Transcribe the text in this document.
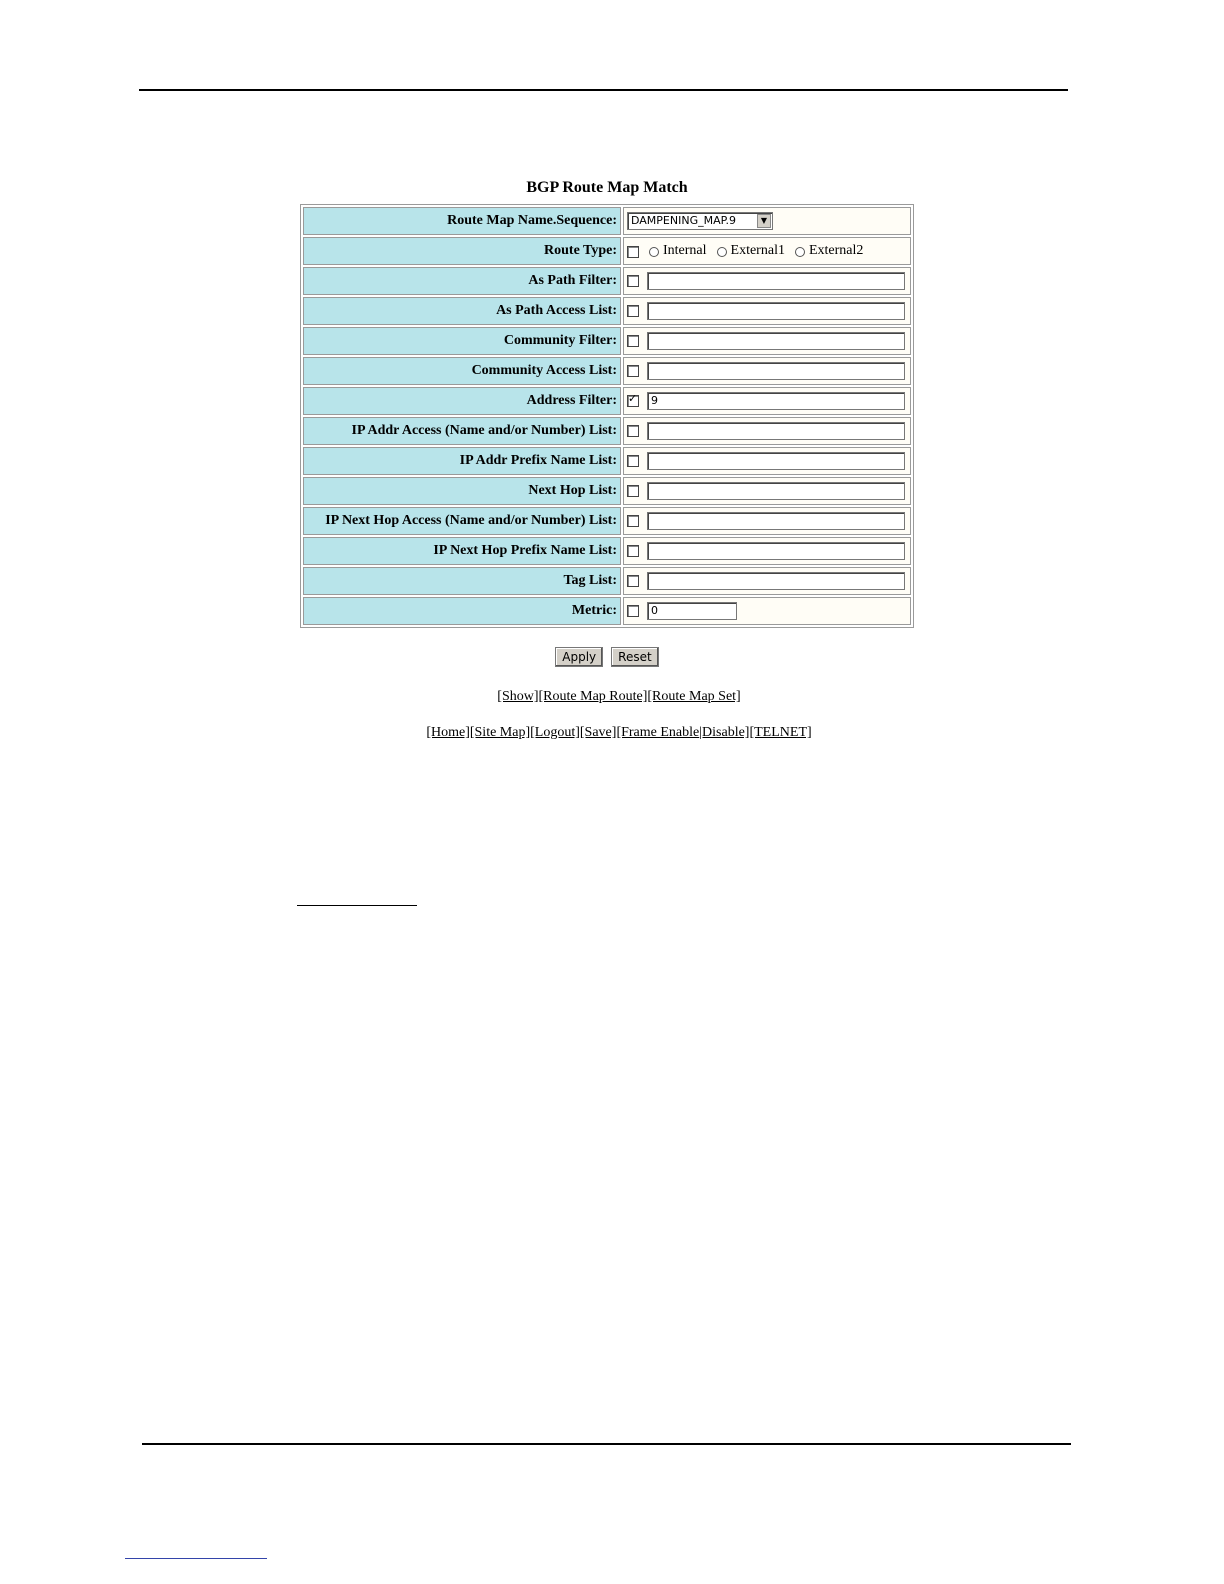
BGP Route Map Match
Route Map Name.Sequence:	DAMPENING_MAP.9 ▼

Route Type:	Internal External1 External2
As Path Filter:	
As Path Access List:	
Community Filter:	
Community Access List:	
Address Filter:	✓9
IP Addr Access (Name and/or Number) List:	
IP Addr Prefix Name List:	
Next Hop List:	
IP Next Hop Access (Name and/or Number) List:	
IP Next Hop Prefix Name List:	
Tag List:	
Metric:	0
Apply Reset
[Show][Route Map Route][Route Map Set]
[Home][Site Map][Logout][Save][Frame Enable|Disable][TELNET]
